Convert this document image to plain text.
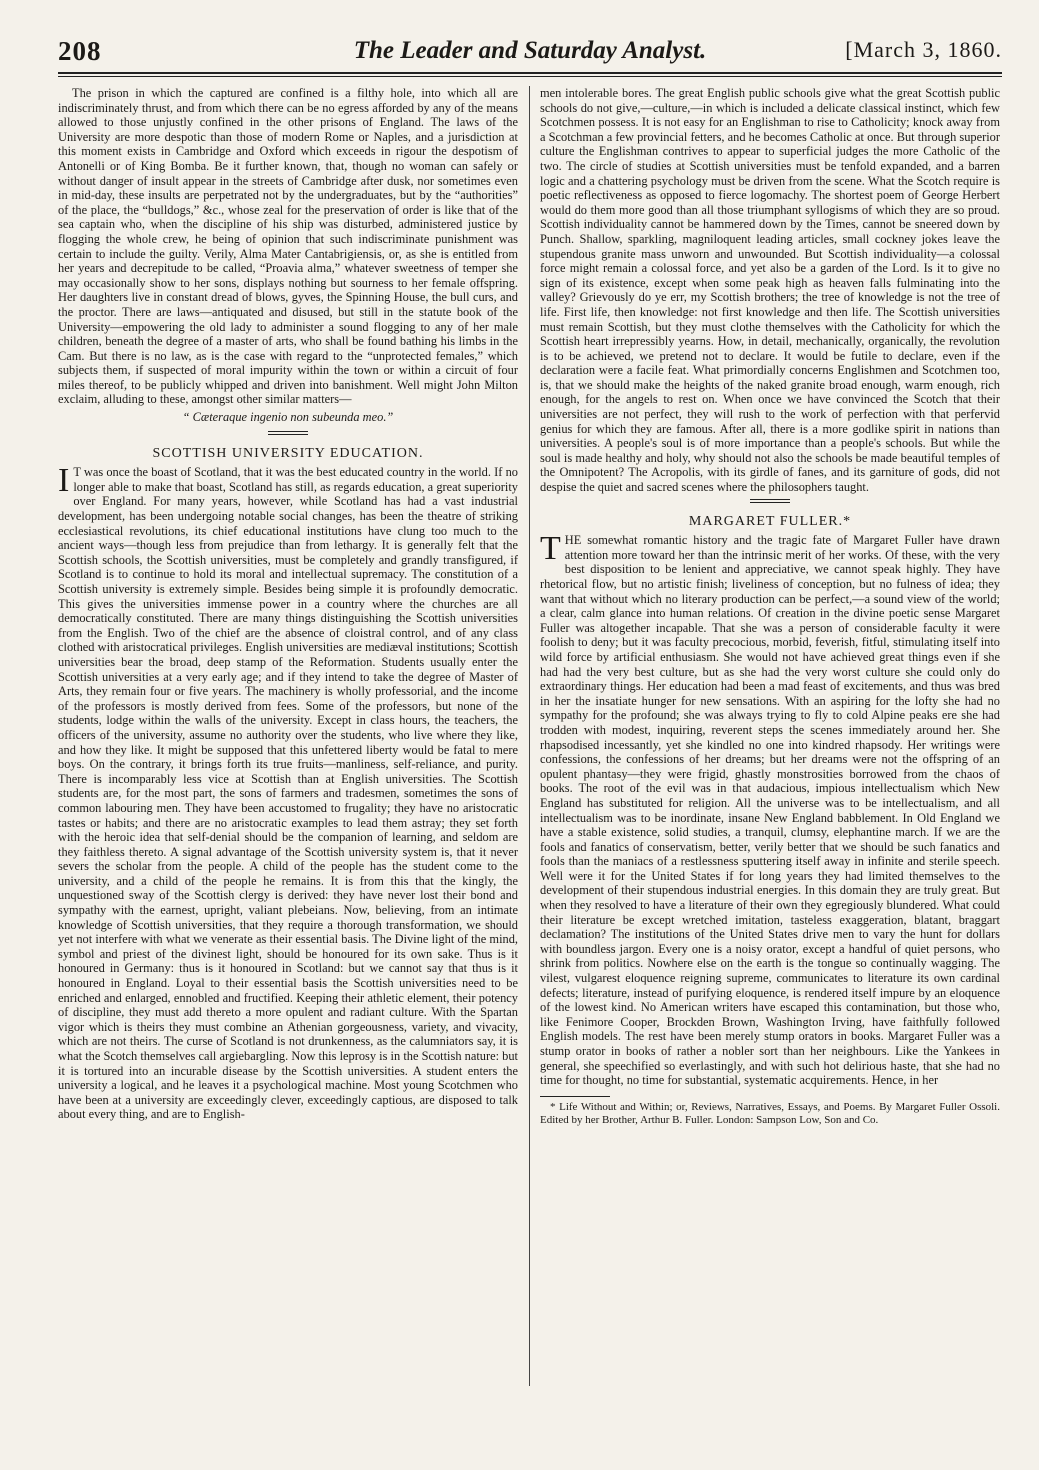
208	The Leader and Saturday Analyst.	[March 3, 1860.

The prison in which the captured are confined is a filthy hole, into which all are indiscriminately thrust, and from which there can be no egress afforded by any of the means allowed to those unjustly confined in the other prisons of England. The laws of the University are more despotic than those of modern Rome or Naples, and a jurisdiction at this moment exists in Cambridge and Oxford which exceeds in rigour the despotism of Antonelli or of King Bomba. Be it further known, that, though no woman can safely or without danger of insult appear in the streets of Cambridge after dusk, nor sometimes even in mid-day, these insults are perpetrated not by the undergraduates, but by the “authorities” of the place, the “bulldogs,” &c., whose zeal for the preservation of order is like that of the sea captain who, when the discipline of his ship was disturbed, administered justice by flogging the whole crew, he being of opinion that such indiscriminate punishment was certain to include the guilty. Verily, Alma Mater Cantabrigiensis, or, as she is entitled from her years and decrepitude to be called, “Proavia alma,” whatever sweetness of temper she may occasionally show to her sons, displays nothing but sourness to her female offspring. Her daughters live in constant dread of blows, gyves, the Spinning House, the bull curs, and the proctor. There are laws—antiquated and disused, but still in the statute book of the University—empowering the old lady to administer a sound flogging to any of her male children, beneath the degree of a master of arts, who shall be found bathing his limbs in the Cam. But there is no law, as is the case with regard to the “unprotected females,” which subjects them, if suspected of moral impurity within the town or within a circuit of four miles thereof, to be publicly whipped and driven into banishment. Well might John Milton exclaim, alluding to these, amongst other similar matters—

“ Cæteraque ingenio non subeunda meo.”

SCOTTISH UNIVERSITY EDUCATION.

I T was once the boast of Scotland, that it was the best educated country in the world. If no longer able to make that boast, Scotland has still, as regards education, a great superiority over England. For many years, however, while Scotland has had a vast industrial development, has been undergoing notable social changes, has been the theatre of striking ecclesiastical revolutions, its chief educational institutions have clung too much to the ancient ways—though less from prejudice than from lethargy. It is generally felt that the Scottish schools, the Scottish universities, must be completely and grandly transfigured, if Scotland is to continue to hold its moral and intellectual supremacy. The constitution of a Scottish university is extremely simple. Besides being simple it is profoundly democratic. This gives the universities immense power in a country where the churches are all democratically constituted. There are many things distinguishing the Scottish universities from the English. Two of the chief are the absence of cloistral control, and of any class clothed with aristocratical privileges. English universities are mediæval institutions; Scottish universities bear the broad, deep stamp of the Reformation. Students usually enter the Scottish universities at a very early age; and if they intend to take the degree of Master of Arts, they remain four or five years. The machinery is wholly professorial, and the income of the professors is mostly derived from fees. Some of the professors, but none of the students, lodge within the walls of the university. Except in class hours, the teachers, the officers of the university, assume no authority over the students, who live where they like, and how they like. It might be supposed that this unfettered liberty would be fatal to mere boys. On the contrary, it brings forth its true fruits—manliness, self-reliance, and purity. There is incomparably less vice at Scottish than at English universities. The Scottish students are, for the most part, the sons of farmers and tradesmen, sometimes the sons of common labouring men. They have been accustomed to frugality; they have no aristocratic tastes or habits; and there are no aristocratic examples to lead them astray; they set forth with the heroic idea that self-denial should be the companion of learning, and seldom are they faithless thereto. A signal advantage of the Scottish university system is, that it never severs the scholar from the people. A child of the people has the student come to the university, and a child of the people he remains. It is from this that the kingly, the unquestioned sway of the Scottish clergy is derived: they have never lost their bond and sympathy with the earnest, upright, valiant plebeians. Now, believing, from an intimate knowledge of Scottish universities, that they require a thorough transformation, we should yet not interfere with what we venerate as their essential basis. The Divine light of the mind, symbol and priest of the divinest light, should be honoured for its own sake. Thus is it honoured in Germany: thus is it honoured in Scotland: but we cannot say that thus is it honoured in England. Loyal to their essential basis the Scottish universities need to be enriched and enlarged, ennobled and fructified. Keeping their athletic element, their potency of discipline, they must add thereto a more opulent and radiant culture. With the Spartan vigor which is theirs they must combine an Athenian gorgeousness, variety, and vivacity, which are not theirs. The curse of Scotland is not drunkenness, as the calumniators say, it is what the Scotch themselves call argiebargling. Now this leprosy is in the Scottish nature: but it is tortured into an incurable disease by the Scottish universities. A student enters the university a logical, and he leaves it a psychological machine. Most young Scotchmen who have been at a university are exceedingly clever, exceedingly captious, are disposed to talk about every thing, and are to English-

men intolerable bores. The great English public schools give what the great Scottish public schools do not give,—culture,—in which is included a delicate classical instinct, which few Scotchmen possess. It is not easy for an Englishman to rise to Catholicity; knock away from a Scotchman a few provincial fetters, and he becomes Catholic at once. But through superior culture the Englishman contrives to appear to superficial judges the more Catholic of the two. The circle of studies at Scottish universities must be tenfold expanded, and a barren logic and a chattering psychology must be driven from the scene. What the Scotch require is poetic reflectiveness as opposed to fierce logomachy. The shortest poem of George Herbert would do them more good than all those triumphant syllogisms of which they are so proud. Scottish individuality cannot be hammered down by the Times, cannot be sneered down by Punch. Shallow, sparkling, magniloquent leading articles, small cockney jokes leave the stupendous granite mass unworn and unwounded. But Scottish individuality—a colossal force might remain a colossal force, and yet also be a garden of the Lord. Is it to give no sign of its existence, except when some peak high as heaven falls fulminating into the valley? Grievously do ye err, my Scottish brothers; the tree of knowledge is not the tree of life. First life, then knowledge: not first knowledge and then life. The Scottish universities must remain Scottish, but they must clothe themselves with the Catholicity for which the Scottish heart irrepressibly yearns. How, in detail, mechanically, organically, the revolution is to be achieved, we pretend not to declare. It would be futile to declare, even if the declaration were a facile feat. What primordially concerns Englishmen and Scotchmen too, is, that we should make the heights of the naked granite broad enough, warm enough, rich enough, for the angels to rest on. When once we have convinced the Scotch that their universities are not perfect, they will rush to the work of perfection with that perfervid genius for which they are famous. After all, there is a more godlike spirit in nations than universities. A people's soul is of more importance than a people's schools. But while the soul is made healthy and holy, why should not also the schools be made beautiful temples of the Omnipotent? The Acropolis, with its girdle of fanes, and its garniture of gods, did not despise the quiet and sacred scenes where the philosophers taught.

MARGARET FULLER.*

THE somewhat romantic history and the tragic fate of Margaret Fuller have drawn attention more toward her than the intrinsic merit of her works. Of these, with the very best disposition to be lenient and appreciative, we cannot speak highly. They have rhetorical flow, but no artistic finish; liveliness of conception, but no fulness of idea; they want that without which no literary production can be perfect,—a sound view of the world; a clear, calm glance into human relations. Of creation in the divine poetic sense Margaret Fuller was altogether incapable. That she was a person of considerable faculty it were foolish to deny; but it was faculty precocious, morbid, feverish, fitful, stimulating itself into wild force by artificial enthusiasm. She would not have achieved great things even if she had had the very best culture, but as she had the very worst culture she could only do extraordinary things. Her education had been a mad feast of excitements, and thus was bred in her the insatiate hunger for new sensations. With an aspiring for the lofty she had no sympathy for the profound; she was always trying to fly to cold Alpine peaks ere she had trodden with modest, inquiring, reverent steps the scenes immediately around her. She rhapsodised incessantly, yet she kindled no one into kindred rhapsody. Her writings were confessions, the confessions of her dreams; but her dreams were not the offspring of an opulent phantasy—they were frigid, ghastly monstrosities borrowed from the chaos of books. The root of the evil was in that audacious, impious intellectualism which New England has substituted for religion. All the universe was to be intellectualism, and all intellectualism was to be inordinate, insane New England babblement. In Old England we have a stable existence, solid studies, a tranquil, clumsy, elephantine march. If we are the fools and fanatics of conservatism, better, verily better that we should be such fanatics and fools than the maniacs of a restlessness sputtering itself away in infinite and sterile speech. Well were it for the United States if for long years they had limited themselves to the development of their stupendous industrial energies. In this domain they are truly great. But when they resolved to have a literature of their own they egregiously blundered. What could their literature be except wretched imitation, tasteless exaggeration, blatant, braggart declamation? The institutions of the United States drive men to vary the hunt for dollars with boundless jargon. Every one is a noisy orator, except a handful of quiet persons, who shrink from politics. Nowhere else on the earth is the tongue so continually wagging. The vilest, vulgarest eloquence reigning supreme, communicates to literature its own cardinal defects; literature, instead of purifying eloquence, is rendered itself impure by an eloquence of the lowest kind. No American writers have escaped this contamination, but those who, like Fenimore Cooper, Brockden Brown, Washington Irving, have faithfully followed English models. The rest have been merely stump orators in books. Margaret Fuller was a stump orator in books of rather a nobler sort than her neighbours. Like the Yankees in general, she speechified so everlastingly, and with such hot delirious haste, that she had no time for thought, no time for substantial, systematic acquirements. Hence, in her

* Life Without and Within; or, Reviews, Narratives, Essays, and Poems. By Margaret Fuller Ossoli. Edited by her Brother, Arthur B. Fuller. London: Sampson Low, Son and Co.
